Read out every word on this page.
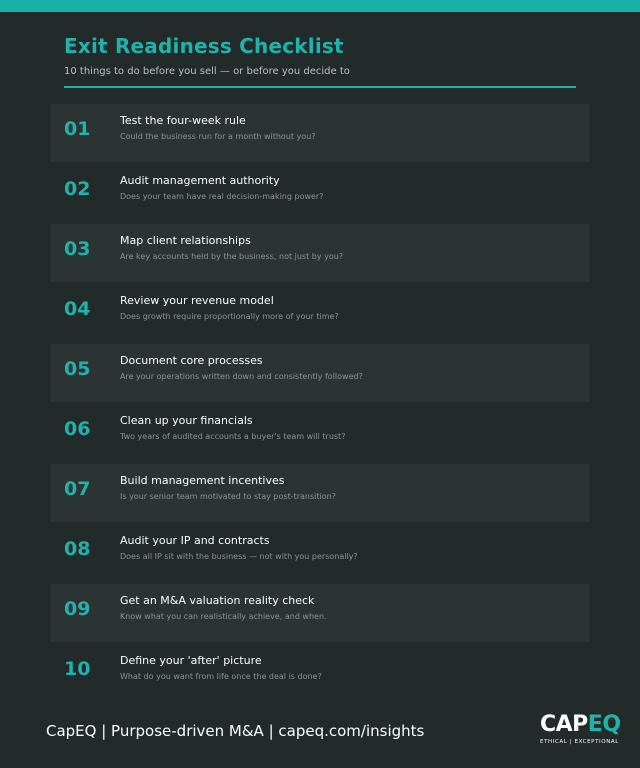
Exit Readiness Checklist
10 things to do before you sell — or before you decide to
01	Test the four-week rule
Could the business run for a month without you?
02	Audit management authority
Does your team have real decision-making power?
03	Map client relationships
Are key accounts held by the business, not just by you?
04	Review your revenue model
Does growth require proportionally more of your time?
05	Document core processes
Are your operations written down and consistently followed?
06	Clean up your financials
Two years of audited accounts a buyer's team will trust?
07	Build management incentives
Is your senior team motivated to stay post-transition?
08	Audit your IP and contracts
Does all IP sit with the business — not with you personally?
09	Get an M&A valuation reality check
Know what you can realistically achieve, and when.
10	Define your 'after' picture
What do you want from life once the deal is done?
CapEQ | Purpose-driven M&A | capeq.com/insights	CAPEQ
ETHICAL | EXCEPTIONAL
